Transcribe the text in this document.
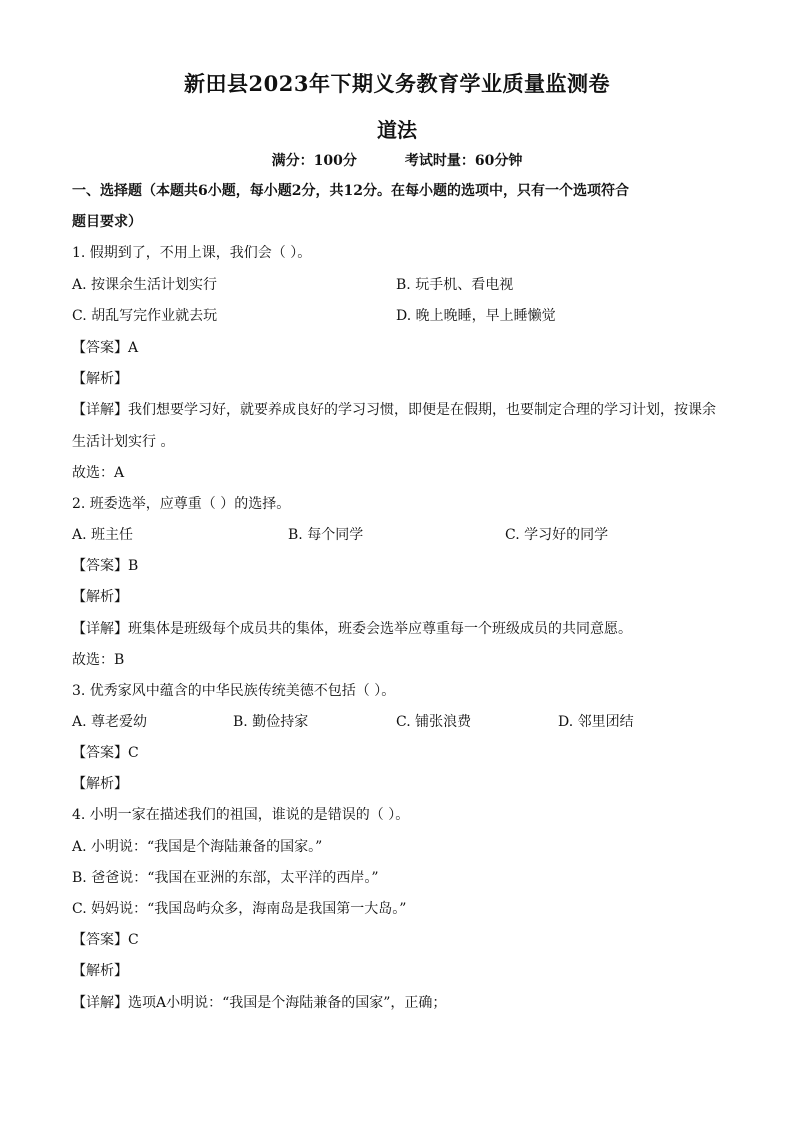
新田县2023年下期义务教育学业质量监测卷
道法
满分：100分	考试时量：60分钟
一、选择题（本题共6小题，每小题2分，共12分。在每小题的选项中，只有一个选项符合
题目要求）
1. 假期到了，不用上课，我们会（ ）。
A. 按课余生活计划实行	B. 玩手机、看电视
C. 胡乱写完作业就去玩	D. 晚上晚睡，早上睡懒觉
【答案】A
【解析】
【详解】我们想要学习好，就要养成良好的学习习惯，即便是在假期，也要制定合理的学习计划，按课余
生活计划实行 。
故选：A
2. 班委选举，应尊重（ ）的选择。
A. 班主任	B. 每个同学	C. 学习好的同学
【答案】B
【解析】
【详解】班集体是班级每个成员共的集体，班委会选举应尊重每一个班级成员的共同意愿。
故选：B
3. 优秀家风中蕴含的中华民族传统美德不包括（ ）。
A. 尊老爱幼	B. 勤俭持家	C. 铺张浪费	D. 邻里团结
【答案】C
【解析】
4. 小明一家在描述我们的祖国，谁说的是错误的（ ）。
A. 小明说：“我国是个海陆兼备的国家。”
B. 爸爸说：“我国在亚洲的东部，太平洋的西岸。”
C. 妈妈说：“我国岛屿众多，海南岛是我国第一大岛。”
【答案】C
【解析】
【详解】选项A小明说：“我国是个海陆兼备的国家”，正确；
